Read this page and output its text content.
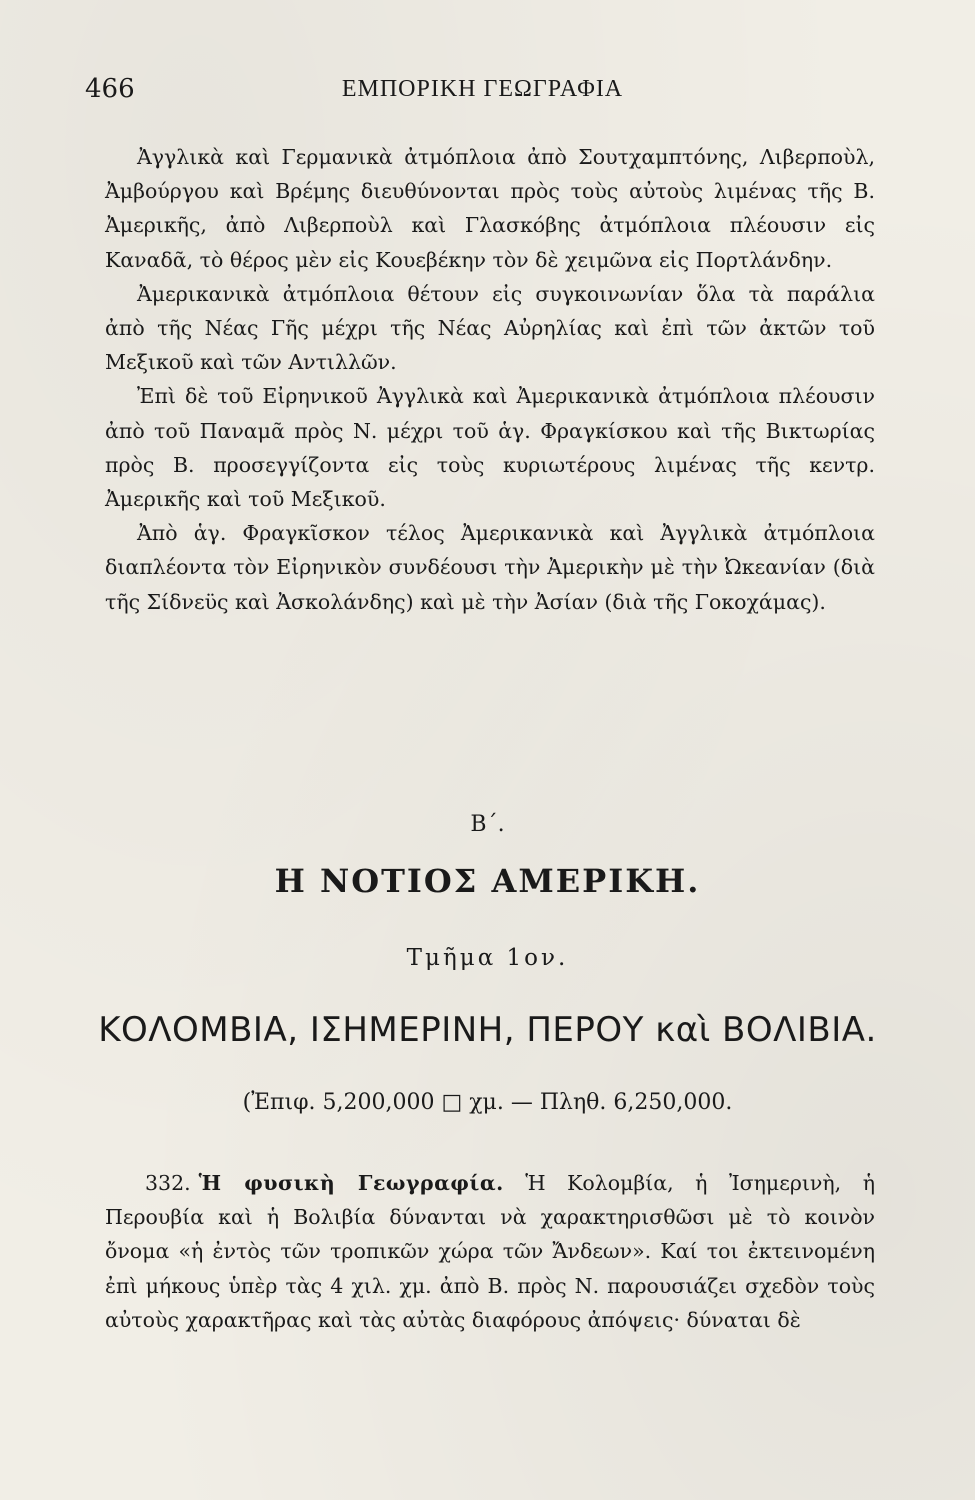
466	ΕΜΠΟΡΙΚΗ ΓΕΩΓΡΑΦΙΑ

Ἀγγλικὰ καὶ Γερμανικὰ ἀτμόπλοια ἀπὸ Σουτχαμπτόνης, Λιβερποὺλ, Ἀμβούργου καὶ Βρέμης διευθύνονται πρὸς τοὺς αὐτοὺς λιμένας τῆς Β. Ἀμερικῆς, ἀπὸ Λιβερποὺλ καὶ Γλασκόβης ἀτμόπλοια πλέουσιν εἰς Καναδᾶ, τὸ θέρος μὲν εἰς Κουεβέκην τὸν δὲ χειμῶνα εἰς Πορτλάνδην.

Ἀμερικανικὰ ἀτμόπλοια θέτουν εἰς συγκοινωνίαν ὅλα τὰ παράλια ἀπὸ τῆς Νέας Γῆς μέχρι τῆς Νέας Αὐρηλίας καὶ ἐπὶ τῶν ἀκτῶν τοῦ Μεξικοῦ καὶ τῶν Αντιλλῶν.

Ἐπὶ δὲ τοῦ Εἰρηνικοῦ Ἀγγλικὰ καὶ Ἀμερικανικὰ ἀτμόπλοια πλέουσιν ἀπὸ τοῦ Παναμᾶ πρὸς Ν. μέχρι τοῦ ἁγ. Φραγκίσκου καὶ τῆς Βικτωρίας πρὸς Β. προσεγγίζοντα εἰς τοὺς κυριωτέρους λιμένας τῆς κεντρ. Ἀμερικῆς καὶ τοῦ Μεξικοῦ.

Ἀπὸ ἁγ. Φραγκῖσκον τέλος Ἀμερικανικὰ καὶ Ἀγγλικὰ ἀτμόπλοια διαπλέοντα τὸν Εἰρηνικὸν συνδέουσι τὴν Ἀμερικὴν μὲ τὴν Ὠκεανίαν (διὰ τῆς Σίδνεϋς καὶ Ἀσκολάνδης) καὶ μὲ τὴν Ἀσίαν (διὰ τῆς Γοκοχάμας).

Β΄.
Η ΝΟΤΙΟΣ ΑΜΕΡΙΚΗ.
Τμῆμα 1ον.
ΚΟΛΟΜΒΙΑ, ΙΣΗΜΕΡΙΝΗ, ΠΕΡΟΥ καὶ ΒΟΛΙΒΙΑ.
(Ἐπιφ. 5,200,000 □ χμ. — Πληθ. 6,250,000.

332. Ἡ φυσικὴ Γεωγραφία. Ἡ Κολομβία, ἡ Ἰσημερινὴ, ἡ Περουβία καὶ ἡ Βολιβία δύνανται νὰ χαρακτηρισθῶσι μὲ τὸ κοινὸν ὄνομα «ἡ ἐντὸς τῶν τροπικῶν χώρα τῶν Ἄνδεων». Καί τοι ἐκτεινομένη ἐπὶ μήκους ὑπὲρ τὰς 4 χιλ. χμ. ἀπὸ Β. πρὸς Ν. παρουσιάζει σχεδὸν τοὺς αὐτοὺς χαρακτῆρας καὶ τὰς αὐτὰς διαφόρους ἀπόψεις· δύναται δὲ
